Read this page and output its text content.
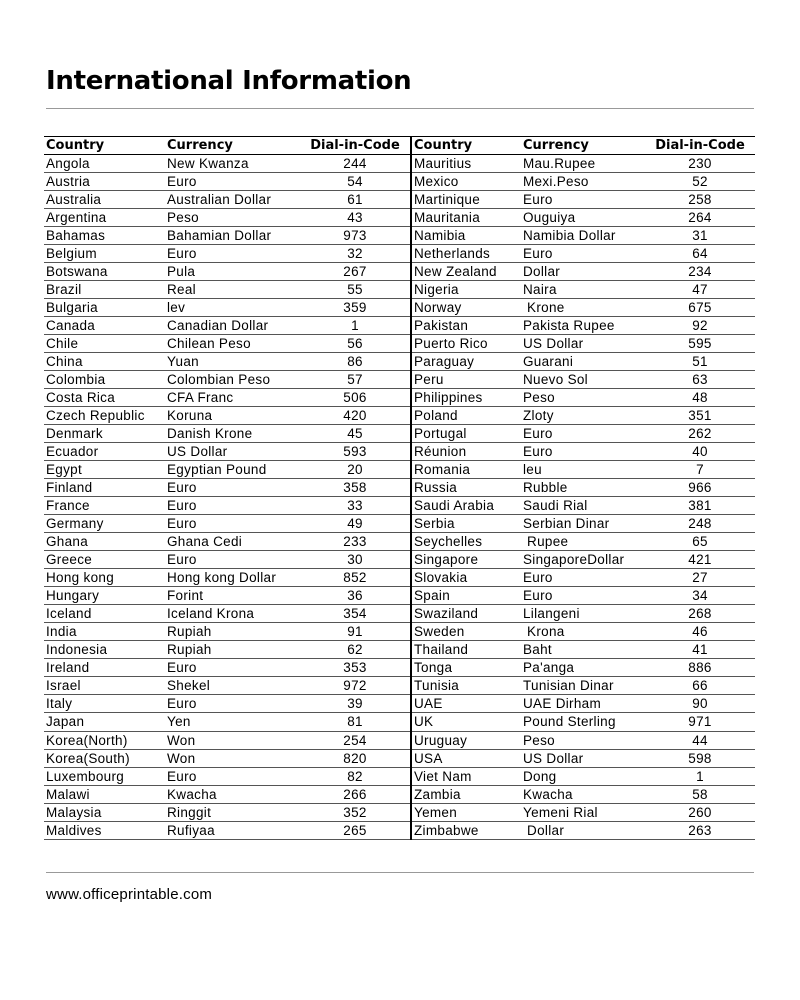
International Information
Country	Currency	Dial-in-Code
Angola	New Kwanza	244
Austria	Euro	54
Australia	Australian Dollar	61
Argentina	Peso	43
Bahamas	Bahamian Dollar	973
Belgium	Euro	32
Botswana	Pula	267
Brazil	Real	55
Bulgaria	lev	359
Canada	Canadian Dollar	1
Chile	Chilean Peso	56
China	Yuan	86
Colombia	Colombian Peso	57
Costa Rica	CFA Franc	506
Czech Republic	Koruna	420
Denmark	Danish Krone	45
Ecuador	US Dollar	593
Egypt	Egyptian Pound	20
Finland	Euro	358
France	Euro	33
Germany	Euro	49
Ghana	Ghana Cedi	233
Greece	Euro	30
Hong kong	Hong kong Dollar	852
Hungary	Forint	36
Iceland	Iceland Krona	354
India	Rupiah	91
Indonesia	Rupiah	62
Ireland	Euro	353
Israel	Shekel	972
Italy	Euro	39
Japan	Yen	81
Korea(North)	Won	254
Korea(South)	Won	820
Luxembourg	Euro	82
Malawi	Kwacha	266
Malaysia	Ringgit	352
Maldives	Rufiyaa	265
Country	Currency	Dial-in-Code
Mauritius	Mau.Rupee	230
Mexico	Mexi.Peso	52
Martinique	Euro	258
Mauritania	Ouguiya	264
Namibia	Namibia Dollar	31
Netherlands	Euro	64
New Zealand	Dollar	234
Nigeria	Naira	47
Norway	Krone	675
Pakistan	Pakista Rupee	92
Puerto Rico	US Dollar	595
Paraguay	Guarani	51
Peru	Nuevo Sol	63
Philippines	Peso	48
Poland	Zloty	351
Portugal	Euro	262
Réunion	Euro	40
Romania	leu	7
Russia	Rubble	966
Saudi Arabia	Saudi Rial	381
Serbia	Serbian Dinar	248
Seychelles	Rupee	65
Singapore	SingaporeDollar	421
Slovakia	Euro	27
Spain	Euro	34
Swaziland	Lilangeni	268
Sweden	Krona	46
Thailand	Baht	41
Tonga	Pa'anga	886
Tunisia	Tunisian Dinar	66
UAE	UAE Dirham	90
UK	Pound Sterling	971
Uruguay	Peso	44
USA	US Dollar	598
Viet Nam	Dong	1
Zambia	Kwacha	58
Yemen	Yemeni Rial	260
Zimbabwe	Dollar	263
www.officeprintable.com
